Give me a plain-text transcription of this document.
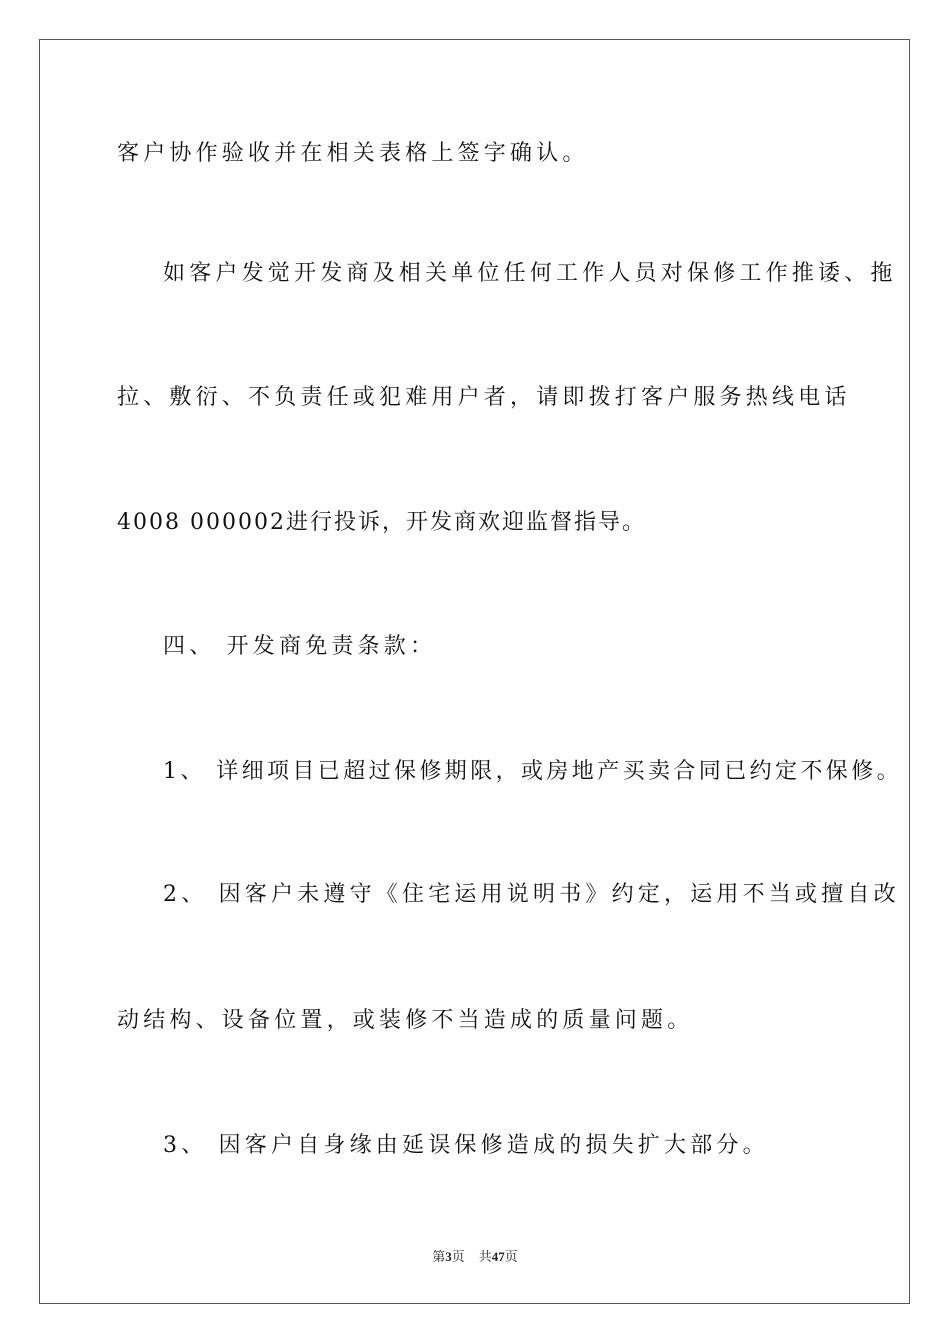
客户协作验收并在相关表格上签字确认。
如客户发觉开发商及相关单位任何工作人员对保修工作推诿、拖
拉、敷衍、不负责任或犯难用户者，请即拨打客户服务热线电话
4008 000002进行投诉，开发商欢迎监督指导。
四、 开发商免责条款：
1、 详细项目已超过保修期限，或房地产买卖合同已约定不保修。
2、 因客户未遵守《住宅运用说明书》约定，运用不当或擅自改
动结构、设备位置，或装修不当造成的质量问题。
3、 因客户自身缘由延误保修造成的损失扩大部分。
第3页 共47页
